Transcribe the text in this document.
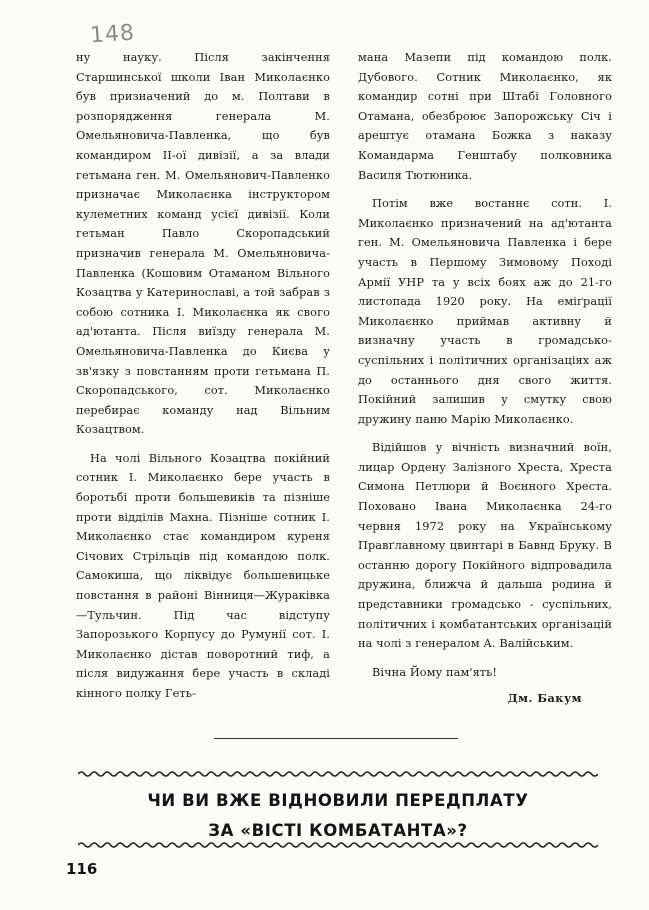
148

ну науку. Після закінчення Старшинської школи Іван Миколаєнко був призначений до м. Полтави в розпорядження генерала М. Омельяновича-Павленка, що був командиром ІІ-ої дивізії, а за влади гетьмана ген. М. Омельянович-Павленко призначає Миколаєнка інструктором кулеметних команд усієї дивізії. Коли гетьман Павло Скоропадський призначив генерала М. Омельяновича-Павленка (Кошовим Отаманом Вільного Козацтва у Катеринославі, а той забрав з собою сотника І. Миколаєнка як свого ад'ютанта. Після виїзду генерала М. Омельяновича-Павленка до Києва у зв'язку з повстанням проти гетьмана П. Скоропадського, сот. Миколаєнко перебирає команду над Вільним Козацтвом.

На чолі Вільного Козацтва покійний сотник І. Миколаєнко бере участь в боротьбі проти большевиків та пізніше проти відділів Махна. Пізніше сотник І. Миколаєнко стає командиром куреня Січових Стрільців під командою полк. Самокиша, що ліквідує большевицьке повстання в районі Вінниця—Жураківка—Тульчин. Під час відступу Запорозького Корпусу до Румунії сот. І. Миколаєнко дістав поворотний тиф, а після видужання бере участь в складі кінного полку Геть-

мана Мазепи під командою полк. Дубового. Сотник Миколаєнко, як командир сотні при Штабі Головного Отамана, обезброює Запорожську Січ і арештує отамана Божка з наказу Командарма Генштабу полковника Василя Тютюника.

Потім вже востаннє сотн. І. Миколаєнко призначений на ад'ютанта ген. М. Омельяновича Павленка і бере участь в Першому Зимовому Поході Армії УНР та у всіх боях аж до 21-го листопада 1920 року. На еміґрації Миколаєнко приймав активну й визначну участь в громадсько-суспільних і політичних організаціях аж до останнього дня свого життя. Покійний залишив у смутку свою дружину паню Марію Миколаєнко.

Відійшов у вічність визначний воїн, лицар Ордену Залізного Хреста, Хреста Симона Петлюри й Воєнного Хреста. Поховано Івана Миколаєнка 24-го червня 1972 року на Українському Правґлавному цвинтарі в Бавнд Бруку. В останню дорогу Покійного відпровадила дружина, ближча й дальша родина й представники громадсько - суспільних, політичних і комбатантських організацій на чолі з генералом А. Валійським.

Вічна Йому пам'ять!

Дм. Бакум
ЧИ ВИ ВЖЕ ВІДНОВИЛИ ПЕРЕДПЛАТУ
ЗА «ВІСТІ КОМБАТАНТА»?
116
